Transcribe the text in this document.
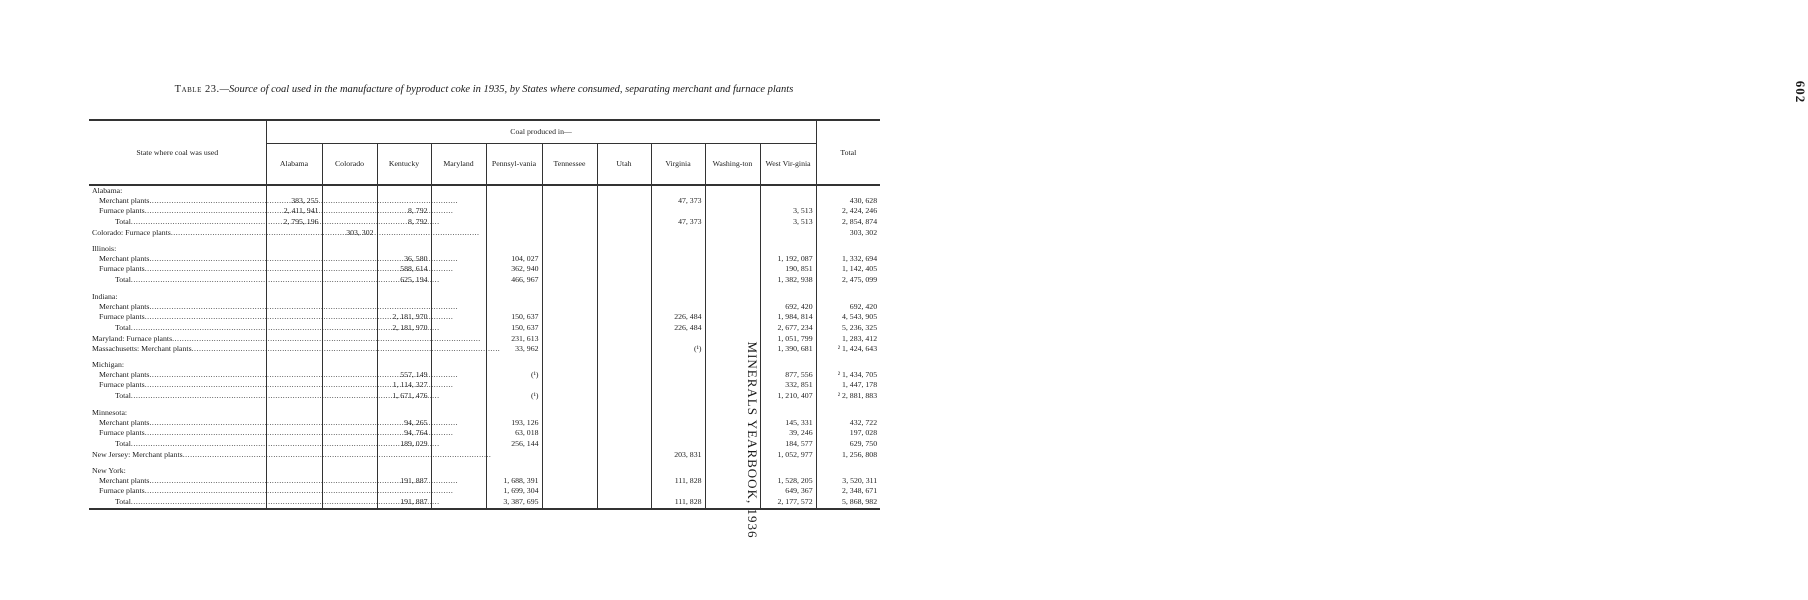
Table 23.—Source of coal used in the manufacture of byproduct coke in 1935, by States where consumed, separating merchant and furnace plants	602
MINERALS YEARBOOK, 1936
State where coal was used	Coal produced in—										Total
	Alabama	Colorado	Kentucky	Maryland	Pennsyl-vania	Tennessee	Utah	Virginia	Washing-ton	West Vir-ginia	
Alabama:											
Merchant plants .....	383, 255							47, 373			430, 628
Furnace plants .....	2, 411, 941		8, 792							3, 513	2, 424, 246
Total .....	2, 795, 196		8, 792					47, 373		3, 513	2, 854, 874
Colorado: Furnace plants .....		303, 302									303, 302

Illinois:											
Merchant plants .....			36, 580		104, 027					1, 192, 087	1, 332, 694
Furnace plants .....			588, 614		362, 940					190, 851	1, 142, 405
Total .....			625, 194		466, 967					1, 382, 938	2, 475, 099

Indiana:											
Merchant plants .....										692, 420	692, 420
Furnace plants .....			2, 181, 970		150, 637			226, 484		1, 984, 814	4, 543, 905
Total .....			2, 181, 970		150, 637			226, 484		2, 677, 234	5, 236, 325
Maryland: Furnace plants .....					231, 613					1, 051, 799	1, 283, 412
Massachusetts: Merchant plants .....					33, 962			(¹)		1, 390, 681	² 1, 424, 643

Michigan:											
Merchant plants .....			557, 149		(¹)					877, 556	² 1, 434, 705
Furnace plants .....			1, 114, 327							332, 851	1, 447, 178
Total .....			1, 671, 476		(¹)					1, 210, 407	² 2, 881, 883

Minnesota:											
Merchant plants .....			94, 265		193, 126					145, 331	432, 722
Furnace plants .....			94, 764		63, 018					39, 246	197, 028
Total .....			189, 029		256, 144					184, 577	629, 750
New Jersey: Merchant plants .....								203, 831		1, 052, 977	1, 256, 808

New York:											
Merchant plants .....			191, 887		1, 688, 391			111, 828		1, 528, 205	3, 520, 311
Furnace plants .....					1, 699, 304					649, 367	2, 348, 671
Total .....			191, 887		3, 387, 695			111, 828		2, 177, 572	5, 868, 982
